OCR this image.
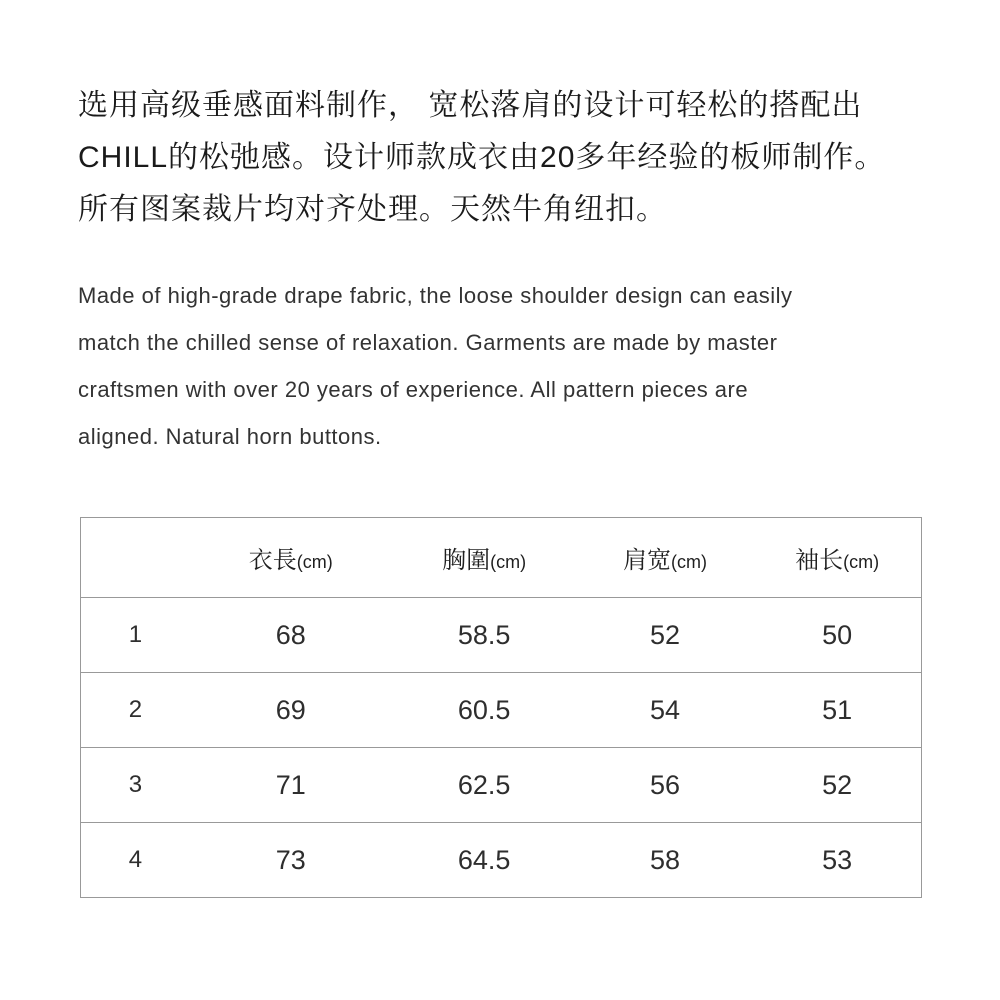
选用高级垂感面料制作， 宽松落肩的设计可轻松的搭配出
CHILL的松弛感。设计师款成衣由20多年经验的板师制作。
所有图案裁片均对齐处理。天然牛角纽扣。
Made of high-grade drape fabric, the loose shoulder design can easily
match the chilled sense of relaxation. Garments are made by master
craftsmen with over 20 years of experience. All pattern pieces are
aligned. Natural horn buttons.
	衣長(cm)	胸圍(cm)	肩宽(cm)	袖长(cm)
1	68	58.5	52	50
2	69	60.5	54	51
3	71	62.5	56	52
4	73	64.5	58	53
